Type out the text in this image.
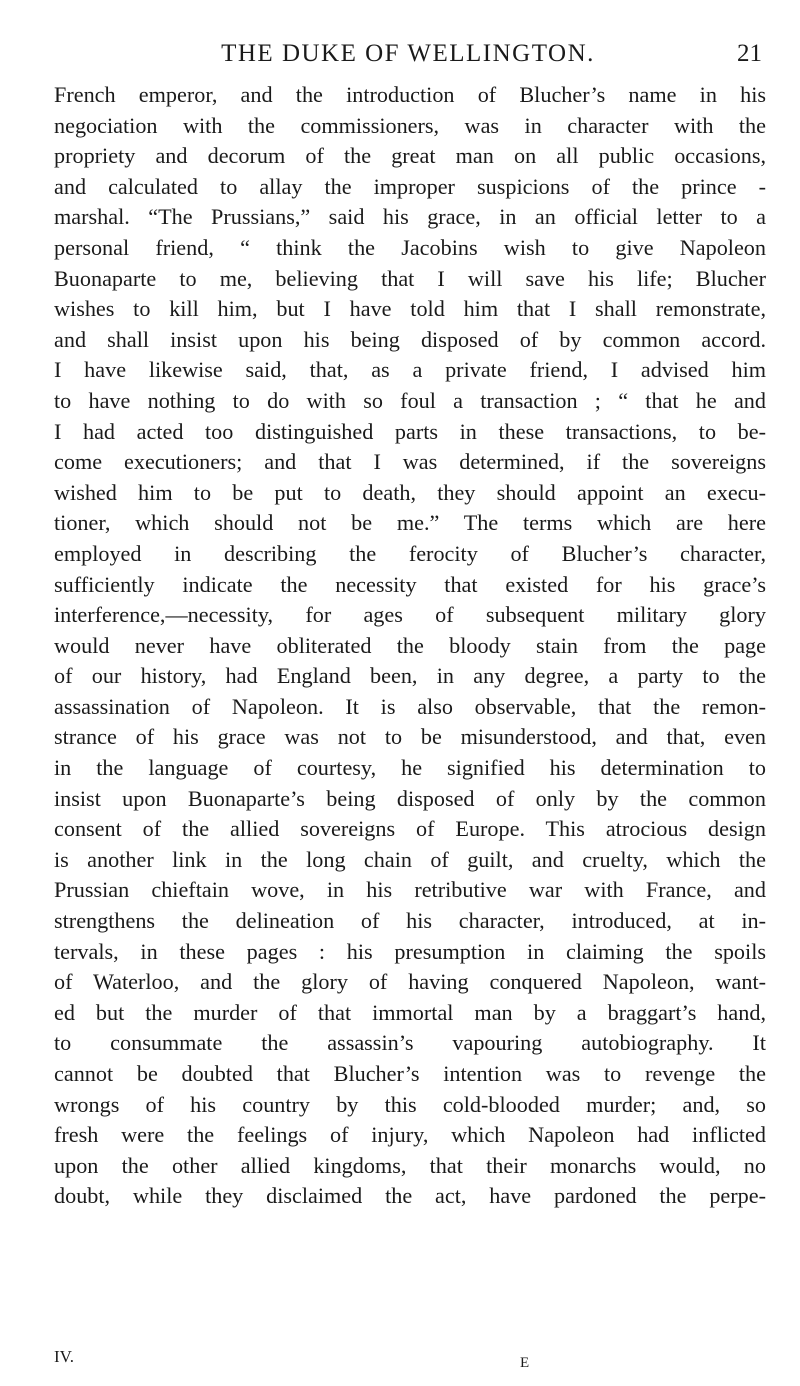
THE DUKE OF WELLINGTON.	21
French emperor, and the introduction of Blucher’s name in his
negociation with the commissioners, was in character with the
propriety and decorum of the great man on all public occasions,
and calculated to allay the improper suspicions of the prince -
marshal. “The Prussians,” said his grace, in an official letter to a
personal friend, “ think the Jacobins wish to give Napoleon
Buonaparte to me, believing that I will save his life; Blucher
wishes to kill him, but I have told him that I shall remonstrate,
and shall insist upon his being disposed of by common accord.
I have likewise said, that, as a private friend, I advised him
to have nothing to do with so foul a transaction ; “ that he and
I had acted too distinguished parts in these transactions, to be-
come executioners; and that I was determined, if the sovereigns
wished him to be put to death, they should appoint an execu-
tioner, which should not be me.” The terms which are here
employed in describing the ferocity of Blucher’s character,
sufficiently indicate the necessity that existed for his grace’s
interference,—necessity, for ages of subsequent military glory
would never have obliterated the bloody stain from the page
of our history, had England been, in any degree, a party to the
assassination of Napoleon. It is also observable, that the remon-
strance of his grace was not to be misunderstood, and that, even
in the language of courtesy, he signified his determination to
insist upon Buonaparte’s being disposed of only by the common
consent of the allied sovereigns of Europe. This atrocious design
is another link in the long chain of guilt, and cruelty, which the
Prussian chieftain wove, in his retributive war with France, and
strengthens the delineation of his character, introduced, at in-
tervals, in these pages : his presumption in claiming the spoils
of Waterloo, and the glory of having conquered Napoleon, want-
ed but the murder of that immortal man by a braggart’s hand,
to consummate the assassin’s vapouring autobiography. It
cannot be doubted that Blucher’s intention was to revenge the
wrongs of his country by this cold-blooded murder; and, so
fresh were the feelings of injury, which Napoleon had inflicted
upon the other allied kingdoms, that their monarchs would, no
doubt, while they disclaimed the act, have pardoned the perpe-
IV.	E
